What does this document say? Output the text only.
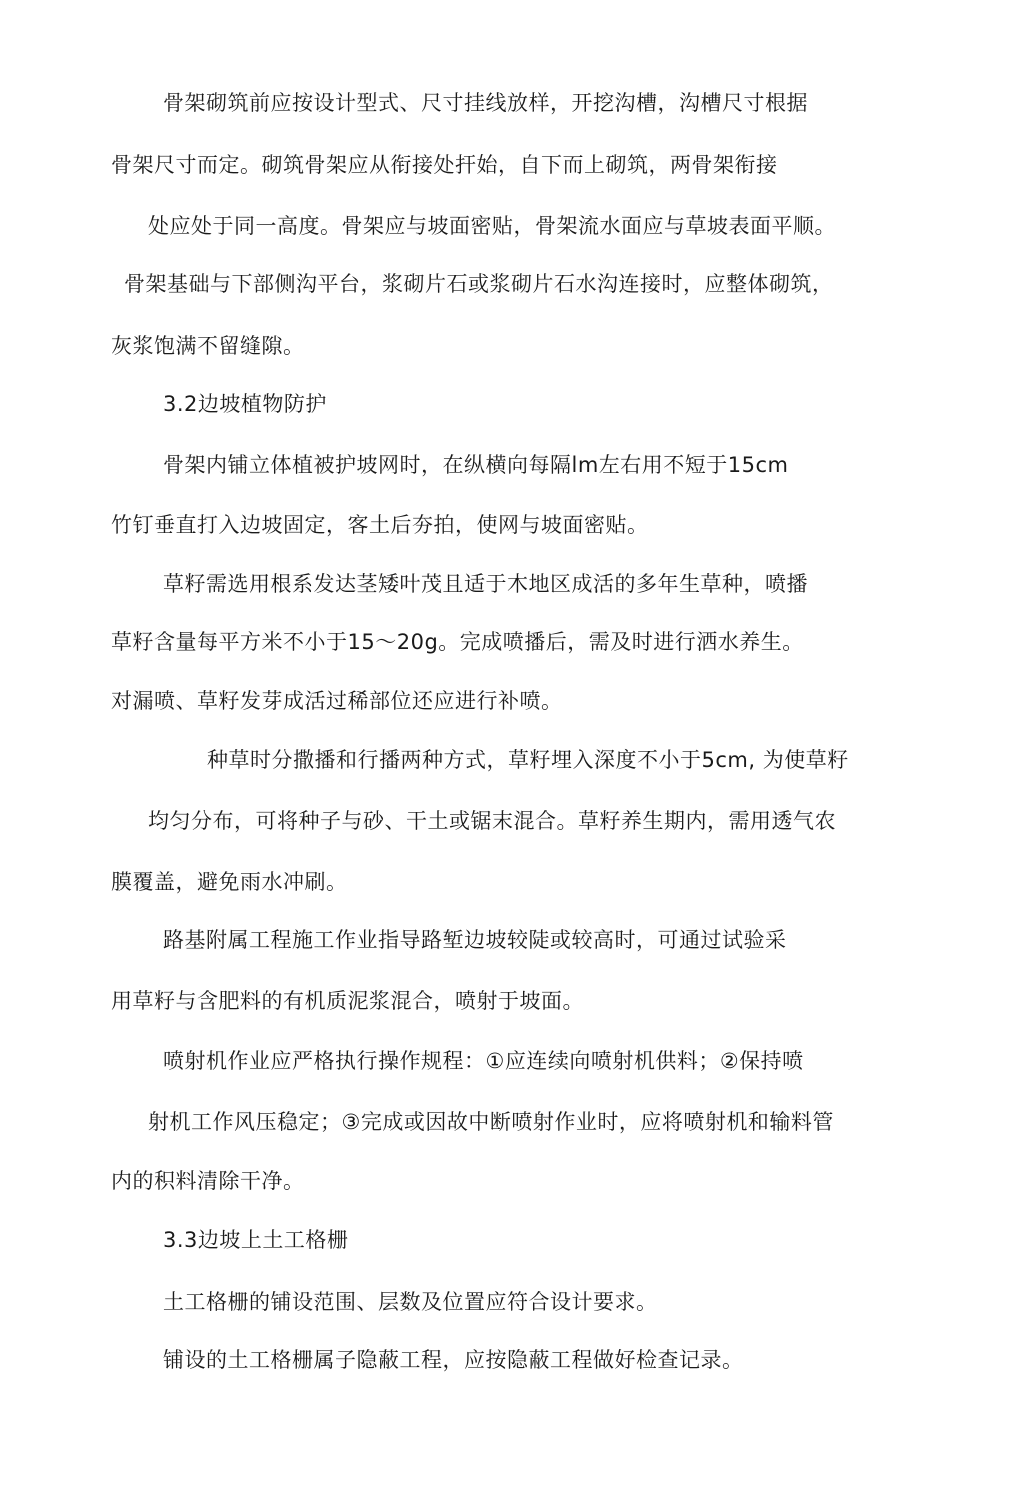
骨架砌筑前应按设计型式、尺寸挂线放样，开挖沟槽，沟槽尺寸根据
骨架尺寸而定。砌筑骨架应从衔接处扞始，自下而上砌筑，两骨架衔接
处应处于同一高度。骨架应与坡面密贴，骨架流水面应与草坡表面平顺。
骨架基础与下部侧沟平台，浆砌片石或浆砌片石水沟连接时，应整体砌筑，
灰浆饱满不留缝隙。
3.2边坡植物防护
骨架内铺立体植被护坡网时，在纵横向每隔lm左右用不短于15cm
竹钉垂直打入边坡固定，客土后夯拍，使网与坡面密贴。
草籽需选用根系发达茎矮叶茂且适于木地区成活的多年生草种，喷播
草籽含量每平方米不小于15～20g。完成喷播后，需及时进行洒水养生。
对漏喷、草籽发芽成活过稀部位还应进行补喷。
种草时分撒播和行播两种方式，草籽埋入深度不小于5cm, 为使草籽
均匀分布，可将种子与砂、干土或锯末混合。草籽养生期内，需用透气农
膜覆盖，避免雨水冲刷。
路基附属工程施工作业指导路堑边坡较陡或较高时，可通过试验采
用草籽与含肥料的有机质泥浆混合，喷射于坡面。
喷射机作业应严格执行操作规程：①应连续向喷射机供料；②保持喷
射机工作风压稳定；③完成或因故中断喷射作业时，应将喷射机和输料管
内的积料清除干净。
3.3边坡上土工格栅
土工格栅的铺设范围、层数及位置应符合设计要求。
铺设的土工格栅属子隐蔽工程，应按隐蔽工程做好检查记录。
